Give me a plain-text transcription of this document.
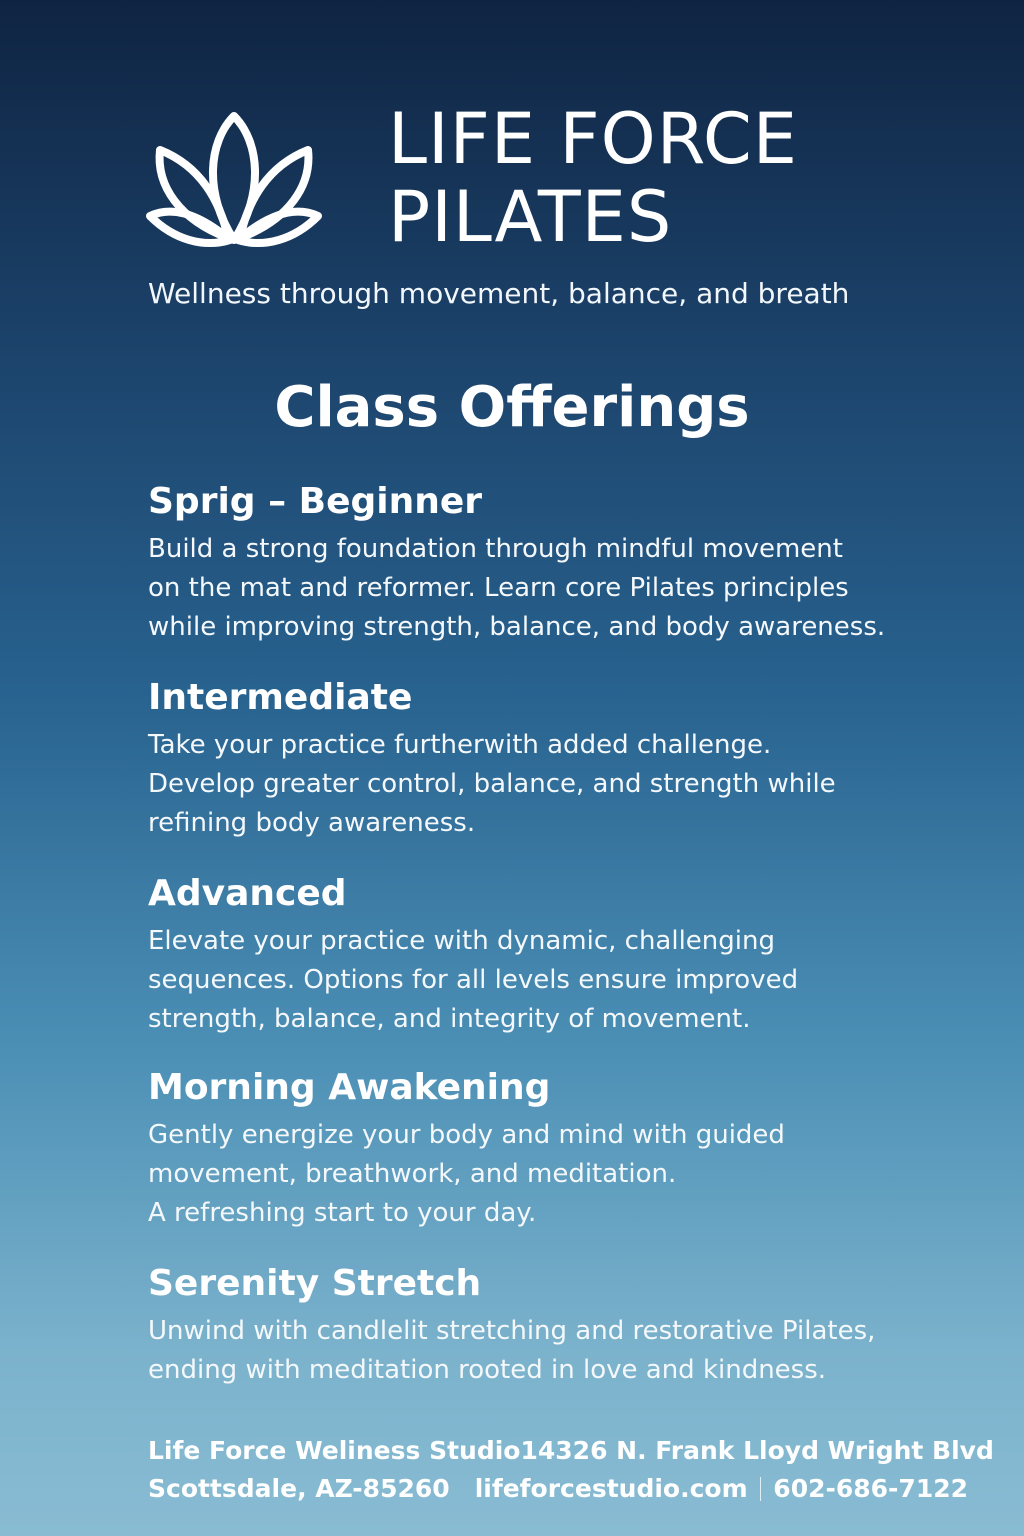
LIFE FORCE
PILATES

Wellness through movement, balance, and breath

Class Offerings
Sprig – Beginner

Build a strong foundation through mindful movement
on the mat and reformer. Learn core Pilates principles
while improving strength, balance, and body awareness.

Intermediate

Take your practice furtherwith added challenge.
Develop greater control, balance, and strength while
refining body awareness.

Advanced

Elevate your practice with dynamic, challenging
sequences. Options for all levels ensure improved
strength, balance, and integrity of movement.

Morning Awakening

Gently energize your body and mind with guided
movement, breathwork, and meditation.
A refreshing start to your day.

Serenity Stretch

Unwind with candlelit stretching and restorative Pilates,
ending with meditation rooted in love and kindness.

Life Force Weliness Studio 14326 N. Frank Lloyd Wright Blvd
Scottsdale, AZ-85260 lifeforcestudio.com 602-686-7122
